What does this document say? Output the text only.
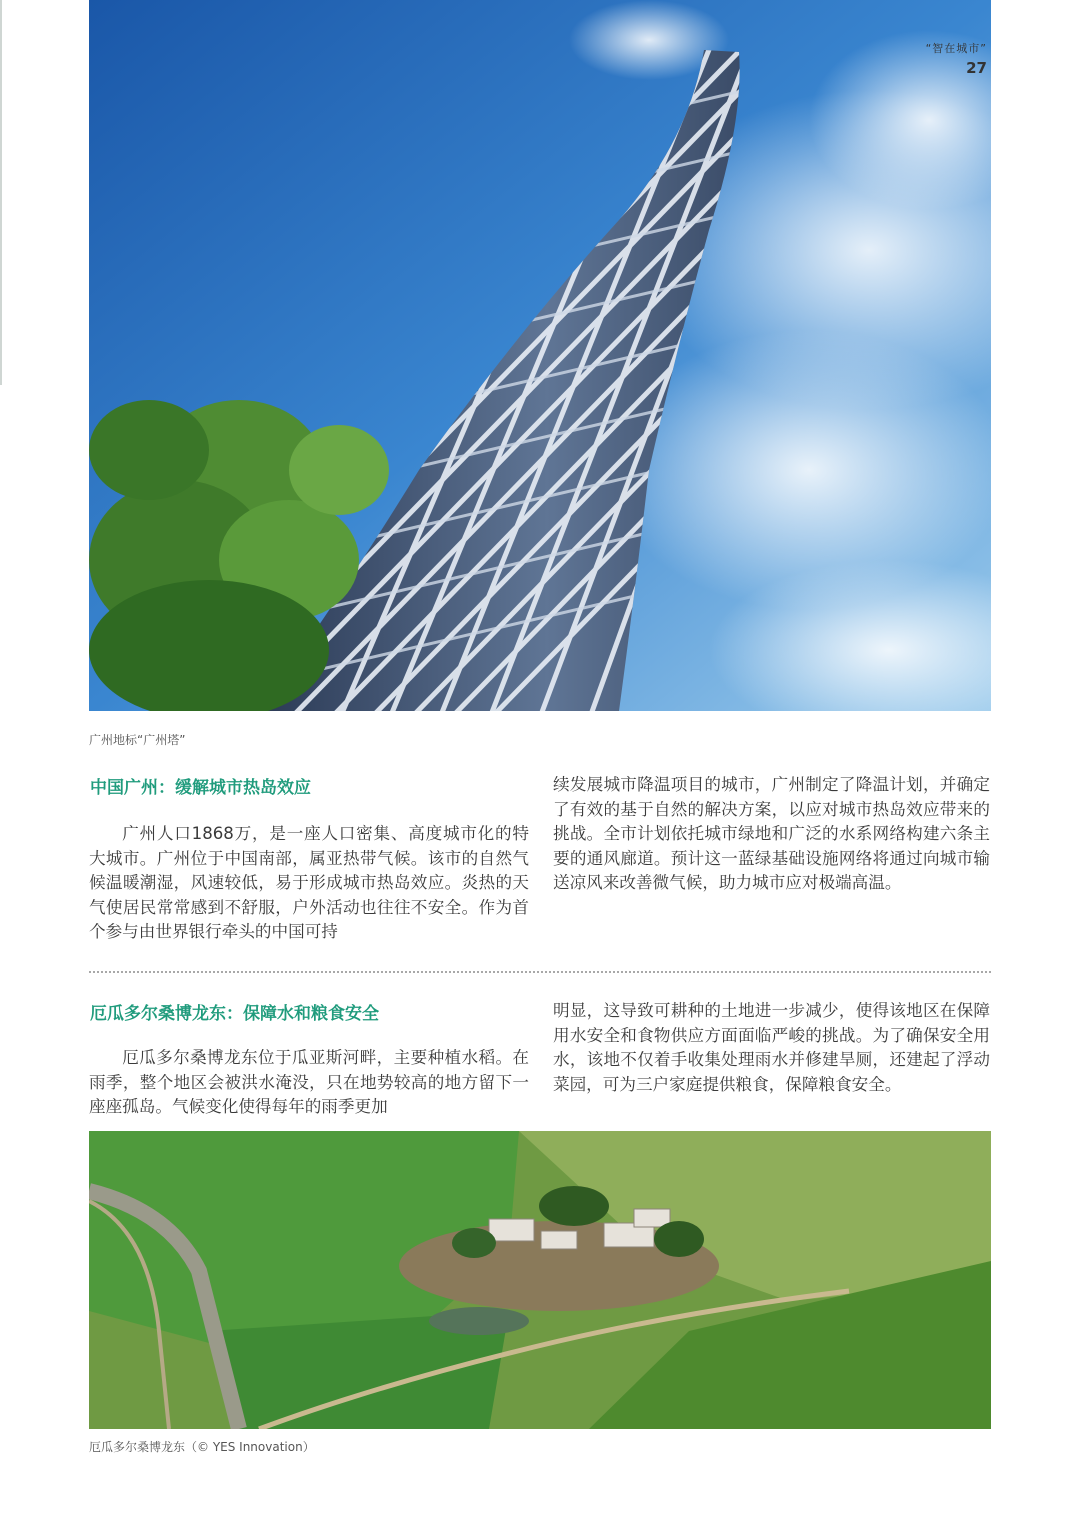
“智在城市”
27
广州地标“广州塔”
中国广州：缓解城市热岛效应
广州人口1868万，是一座人口密集、高度城市化的特大城市。广州位于中国南部，属亚热带气候。该市的自然气候温暖潮湿，风速较低，易于形成城市热岛效应。炎热的天气使居民常常感到不舒服，户外活动也往往不安全。作为首个参与由世界银行牵头的中国可持
续发展城市降温项目的城市，广州制定了降温计划，并确定了有效的基于自然的解决方案，以应对城市热岛效应带来的挑战。全市计划依托城市绿地和广泛的水系网络构建六条主要的通风廊道。预计这一蓝绿基础设施网络将通过向城市输送凉风来改善微气候，助力城市应对极端高温。
厄瓜多尔桑博龙东：保障水和粮食安全
厄瓜多尔桑博龙东位于瓜亚斯河畔，主要种植水稻。在雨季，整个地区会被洪水淹没，只在地势较高的地方留下一座座孤岛。气候变化使得每年的雨季更加
明显，这导致可耕种的土地进一步减少，使得该地区在保障用水安全和食物供应方面面临严峻的挑战。为了确保安全用水，该地不仅着手收集处理雨水并修建旱厕，还建起了浮动菜园，可为三户家庭提供粮食，保障粮食安全。
厄瓜多尔桑博龙东（© YES Innovation）
